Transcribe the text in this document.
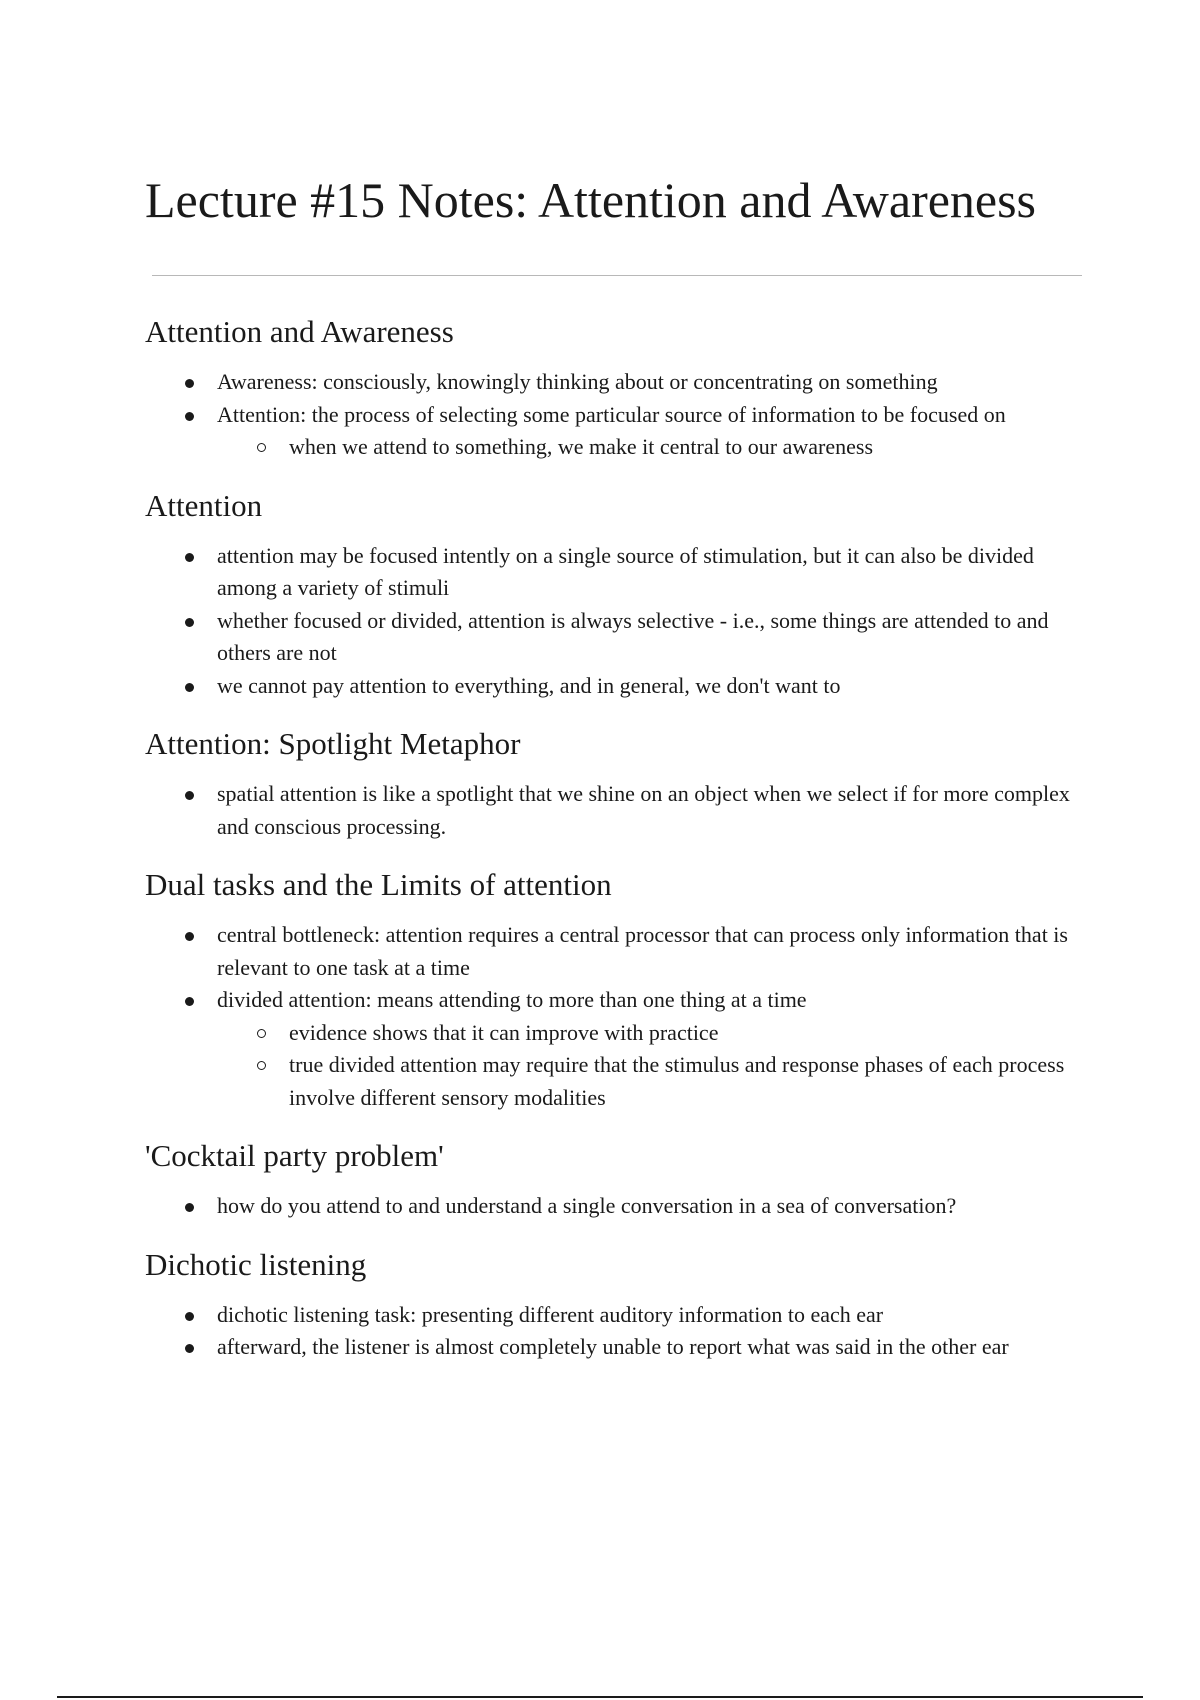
Lecture #15 Notes: Attention and Awareness
Attention and Awareness
Awareness: consciously, knowingly thinking about or concentrating on something
Attention: the process of selecting some particular source of information to be focused on
when we attend to something, we make it central to our awareness
Attention
attention may be focused intently on a single source of stimulation, but it can also be divided among a variety of stimuli
whether focused or divided, attention is always selective - i.e., some things are attended to and others are not
we cannot pay attention to everything, and in general, we don't want to
Attention: Spotlight Metaphor
spatial attention is like a spotlight that we shine on an object when we select if for more complex and conscious processing.
Dual tasks and the Limits of attention
central bottleneck: attention requires a central processor that can process only information that is relevant to one task at a time
divided attention: means attending to more than one thing at a time
evidence shows that it can improve with practice
true divided attention may require that the stimulus and response phases of each process involve different sensory modalities
'Cocktail party problem'
how do you attend to and understand a single conversation in a sea of conversation?
Dichotic listening
dichotic listening task: presenting different auditory information to each ear
afterward, the listener is almost completely unable to report what was said in the other ear
